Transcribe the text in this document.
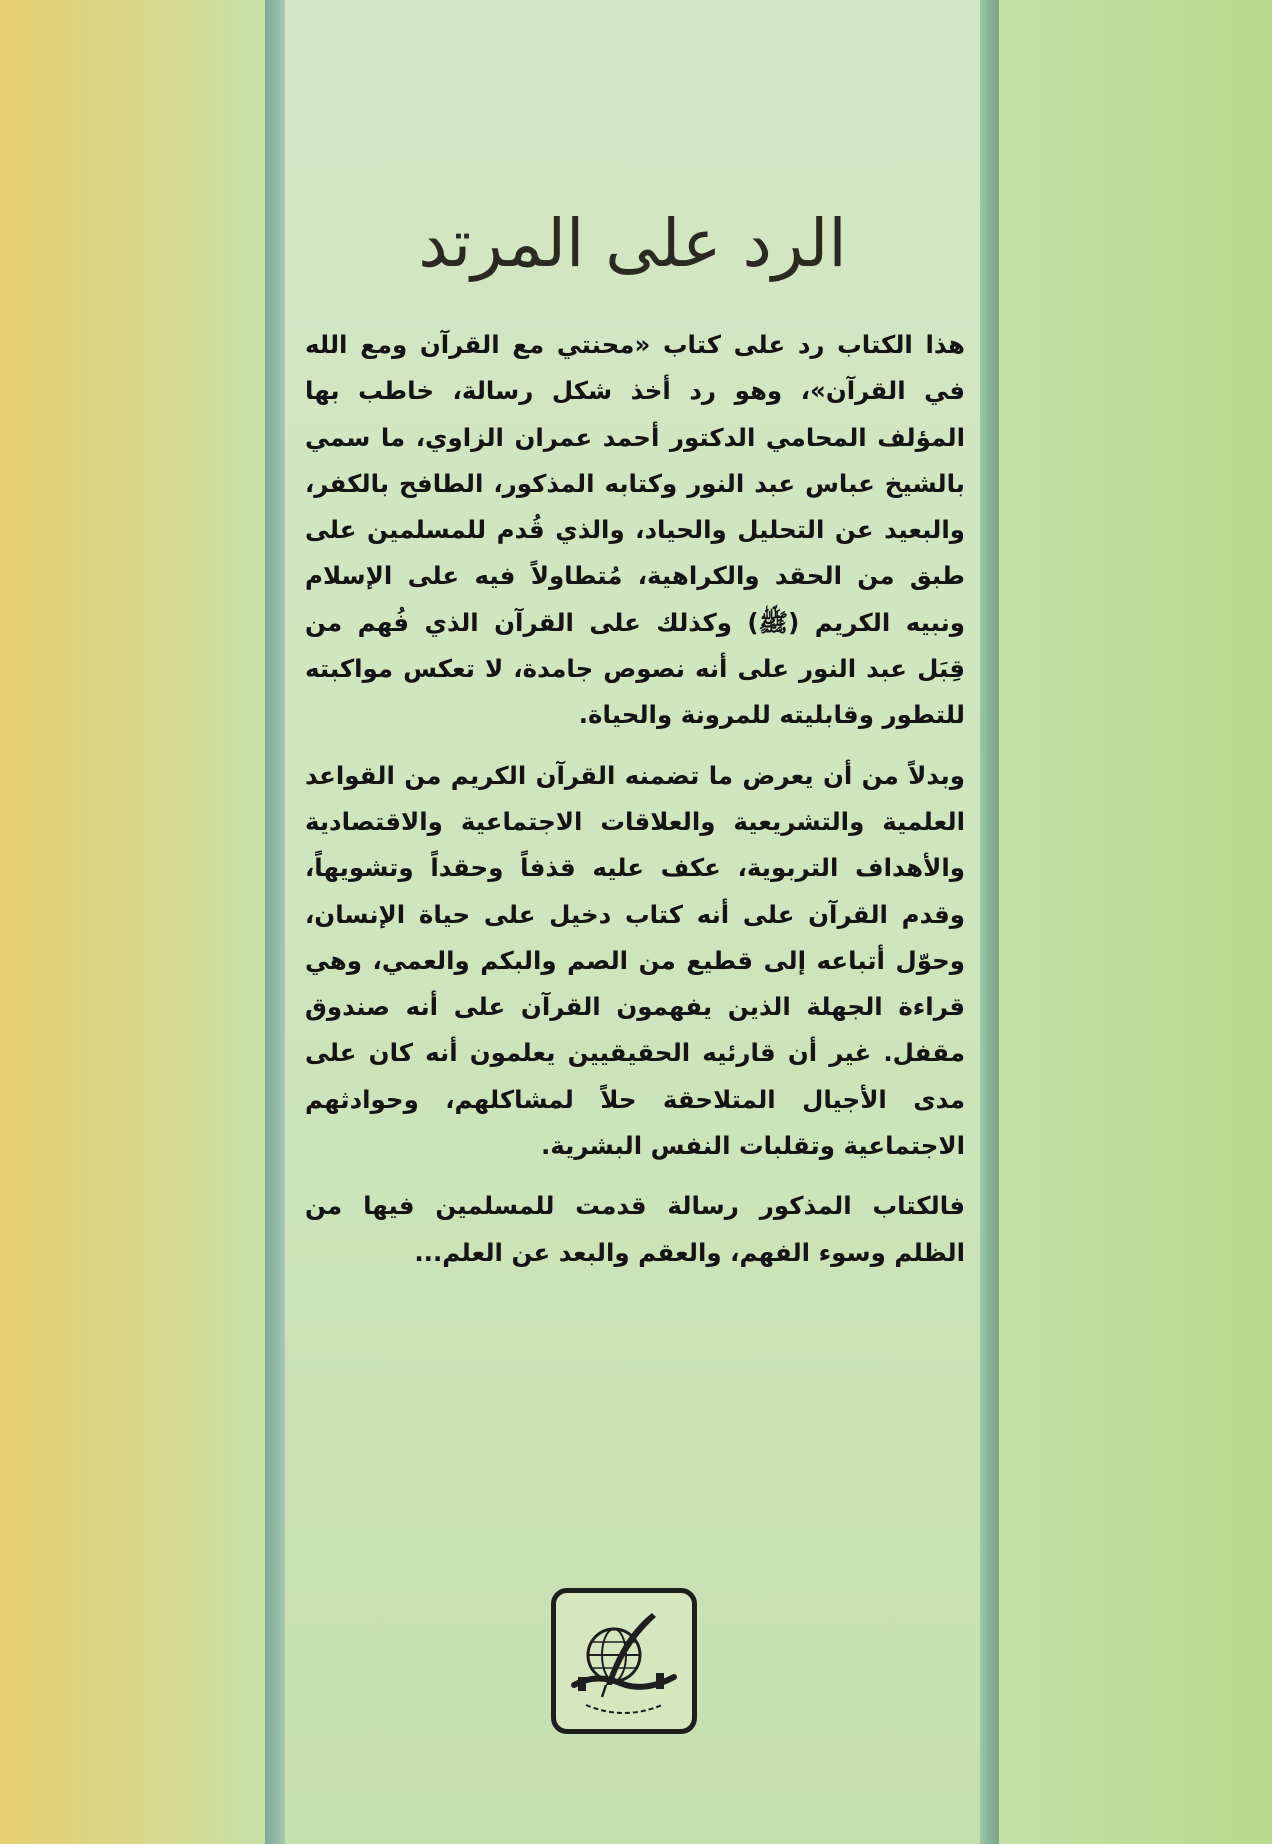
الرد على المرتد

هذا الكتاب رد على كتاب «محنتي مع القرآن ومع الله في القرآن»، وهو رد أخذ شكل رسالة، خاطب بها المؤلف المحامي الدكتور أحمد عمران الزاوي، ما سمي بالشيخ عباس عبد النور وكتابه المذكور، الطافح بالكفر، والبعيد عن التحليل والحياد، والذي قُدم للمسلمين على طبق من الحقد والكراهية، مُتطاولاً فيه على الإسلام ونبيه الكريم (ﷺ) وكذلك على القرآن الذي فُهم من قِبَل عبد النور على أنه نصوص جامدة، لا تعكس مواكبته للتطور وقابليته للمرونة والحياة.

وبدلاً من أن يعرض ما تضمنه القرآن الكريم من القواعد العلمية والتشريعية والعلاقات الاجتماعية والاقتصادية والأهداف التربوية، عكف عليه قذفاً وحقداً وتشويهاً، وقدم القرآن على أنه كتاب دخيل على حياة الإنسان، وحوّل أتباعه إلى قطيع من الصم والبكم والعمي، وهي قراءة الجهلة الذين يفهمون القرآن على أنه صندوق مقفل. غير أن قارئيه الحقيقيين يعلمون أنه كان على مدى الأجيال المتلاحقة حلاً لمشاكلهم، وحوادثهم الاجتماعية وتقلبات النفس البشرية.

فالكتاب المذكور رسالة قدمت للمسلمين فيها من الظلم وسوء الفهم، والعقم والبعد عن العلم...
